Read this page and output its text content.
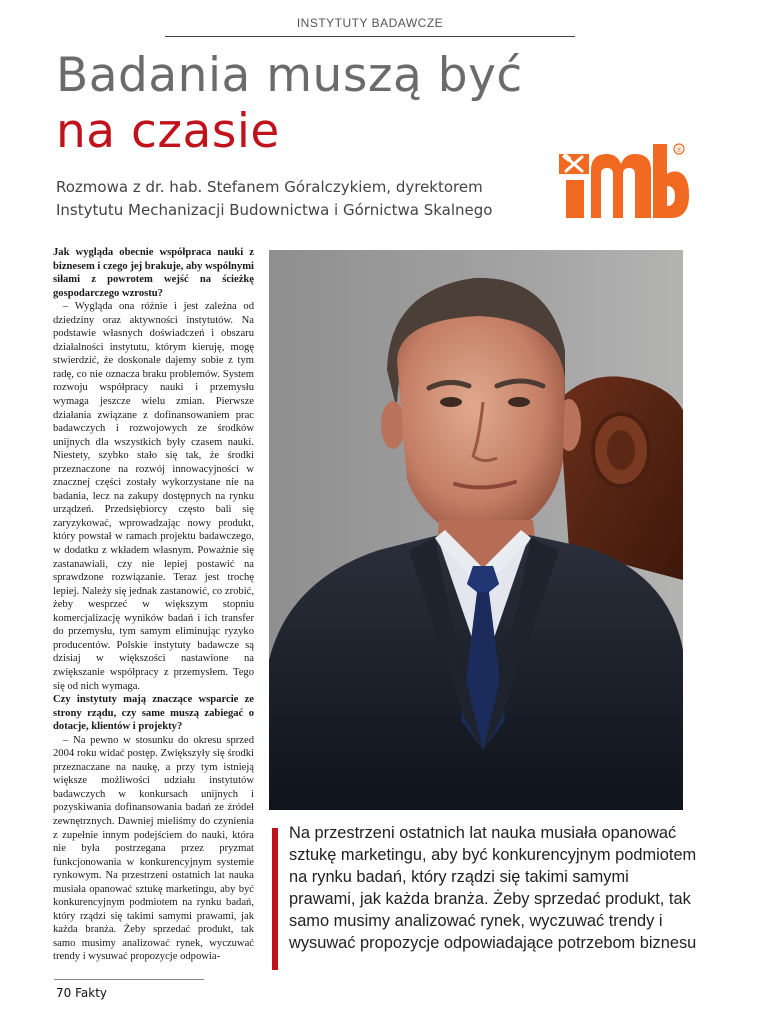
INSTYTUTY BADAWCZE
Badania muszą być
na czasie
Rozmowa z dr. hab. Stefanem Góralczykiem, dyrektorem Instytutu Mechanizacji Budownictwa i Górnictwa Skalnego
®

Jak wygląda obecnie współpraca nauki z biznesem i czego jej brakuje, aby wspólnymi siłami z powrotem wejść na ścieżkę gospodarczego wzrostu?

– Wygląda ona różnie i jest zależna od dziedziny oraz aktywności instytutów. Na podstawie własnych doświadczeń i obszaru działalności instytutu, którym kieruję, mogę stwierdzić, że doskonale dajemy sobie z tym radę, co nie oznacza braku problemów. System rozwoju współpracy nauki i przemysłu wymaga jeszcze wielu zmian. Pierwsze działania związane z dofinansowaniem prac badawczych i rozwojowych ze środków unijnych dla wszystkich były czasem nauki. Niestety, szybko stało się tak, że środki przeznaczone na rozwój innowacyjności w znacznej części zostały wykorzystane nie na badania, lecz na zakupy dostępnych na rynku urządzeń. Przedsiębiorcy często bali się zaryzykować, wprowadzając nowy produkt, który powstał w ramach projektu badawczego, w dodatku z wkładem własnym. Poważnie się zastanawiali, czy nie lepiej postawić na sprawdzone rozwiązanie. Teraz jest trochę lepiej. Należy się jednak zastanowić, co zrobić, żeby wesprzeć w większym stopniu komercjalizację wyników badań i ich transfer do przemysłu, tym samym eliminując ryzyko producentów. Polskie instytuty badawcze są dzisiaj w większości nastawione na zwiększanie współpracy z przemysłem. Tego się od nich wymaga.

Czy instytuty mają znaczące wsparcie ze strony rządu, czy same muszą zabiegać o dotacje, klientów i projekty?

– Na pewno w stosunku do okresu sprzed 2004 roku widać postęp. Zwiększyły się środki przeznaczane na naukę, a przy tym istnieją większe możliwości udziału instytutów badawczych w konkursach unijnych i pozyskiwania dofinansowania badań ze źródeł zewnętrznych. Dawniej mieliśmy do czynienia z zupełnie innym podejściem do nauki, która nie była postrzegana przez pryzmat funkcjonowania w konkurencyjnym systemie rynkowym. Na przestrzeni ostatnich lat nauka musiała opanować sztukę marketingu, aby być konkurencyjnym podmiotem na rynku badań, który rządzi się takimi samymi prawami, jak każda branża. Żeby sprzedać produkt, tak samo musimy analizować rynek, wyczuwać trendy i wysuwać propozycje odpowia-

70 Fakty
Na przestrzeni ostatnich lat nauka musiała opanować sztukę marketingu, aby być konkurencyjnym podmiotem na rynku badań, który rządzi się takimi samymi prawami, jak każda branża. Żeby sprzedać produkt, tak samo musimy analizować rynek, wyczuwać trendy i wysuwać propozycje odpowiadające potrzebom biznesu
